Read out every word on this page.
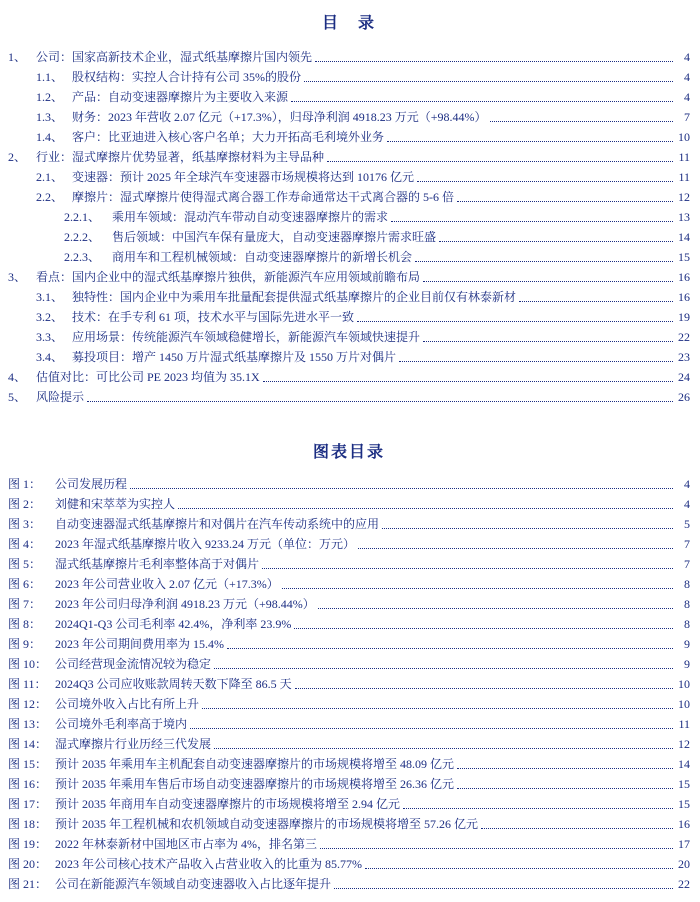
目　录
1、 公司：国家高新技术企业，湿式纸基摩擦片国内领先	4
1.1、 股权结构：实控人合计持有公司 35%的股份	4
1.2、 产品：自动变速器摩擦片为主要收入来源	4
1.3、 财务：2023 年营收 2.07 亿元（+17.3%），归母净利润 4918.23 万元（+98.44%）	7
1.4、 客户：比亚迪进入核心客户名单；大力开拓高毛利境外业务	10
2、 行业：湿式摩擦片优势显著，纸基摩擦材料为主导品种	11
2.1、 变速器：预计 2025 年全球汽车变速器市场规模将达到 10176 亿元	11
2.2、 摩擦片：湿式摩擦片使得湿式离合器工作寿命通常达干式离合器的 5-6 倍	12
2.2.1、 乘用车领域：混动汽车带动自动变速器摩擦片的需求	13
2.2.2、 售后领域：中国汽车保有量庞大，自动变速器摩擦片需求旺盛	14
2.2.3、 商用车和工程机械领域：自动变速器摩擦片的新增长机会	15
3、 看点：国内企业中的湿式纸基摩擦片独供，新能源汽车应用领域前瞻布局	16
3.1、 独特性：国内企业中为乘用车批量配套提供湿式纸基摩擦片的企业目前仅有林泰新材	16
3.2、 技术：在手专利 61 项，技术水平与国际先进水平一致	19
3.3、 应用场景：传统能源汽车领域稳健增长，新能源汽车领域快速提升	22
3.4、 募投项目：增产 1450 万片湿式纸基摩擦片及 1550 万片对偶片	23
4、 估值对比：可比公司 PE 2023 均值为 35.1X	24
5、 风险提示	26
图表目录
图 1：	公司发展历程	4
图 2：	刘健和宋萃萃为实控人	4
图 3：	自动变速器湿式纸基摩擦片和对偶片在汽车传动系统中的应用	5
图 4：	2023 年湿式纸基摩擦片收入 9233.24 万元（单位：万元）	7
图 5：	湿式纸基摩擦片毛利率整体高于对偶片	7
图 6：	2023 年公司营业收入 2.07 亿元（+17.3%）	8
图 7：	2023 年公司归母净利润 4918.23 万元（+98.44%）	8
图 8：	2024Q1-Q3 公司毛利率 42.4%，净利率 23.9%	8
图 9：	2023 年公司期间费用率为 15.4%	9
图 10： 公司经营现金流情况较为稳定	9
图 11： 2024Q3 公司应收账款周转天数下降至 86.5 天	10
图 12： 公司境外收入占比有所上升	10
图 13： 公司境外毛利率高于境内	11
图 14： 湿式摩擦片行业历经三代发展	12
图 15： 预计 2035 年乘用车主机配套自动变速器摩擦片的市场规模将增至 48.09 亿元	14
图 16： 预计 2035 年乘用车售后市场自动变速器摩擦片的市场规模将增至 26.36 亿元	15
图 17： 预计 2035 年商用车自动变速器摩擦片的市场规模将增至 2.94 亿元	15
图 18： 预计 2035 年工程机械和农机领域自动变速器摩擦片的市场规模将增至 57.26 亿元	16
图 19： 2022 年林泰新材中国地区市占率为 4%，排名第三	17
图 20： 2023 年公司核心技术产品收入占营业收入的比重为 85.77%	20
图 21： 公司在新能源汽车领域自动变速器收入占比逐年提升	22
